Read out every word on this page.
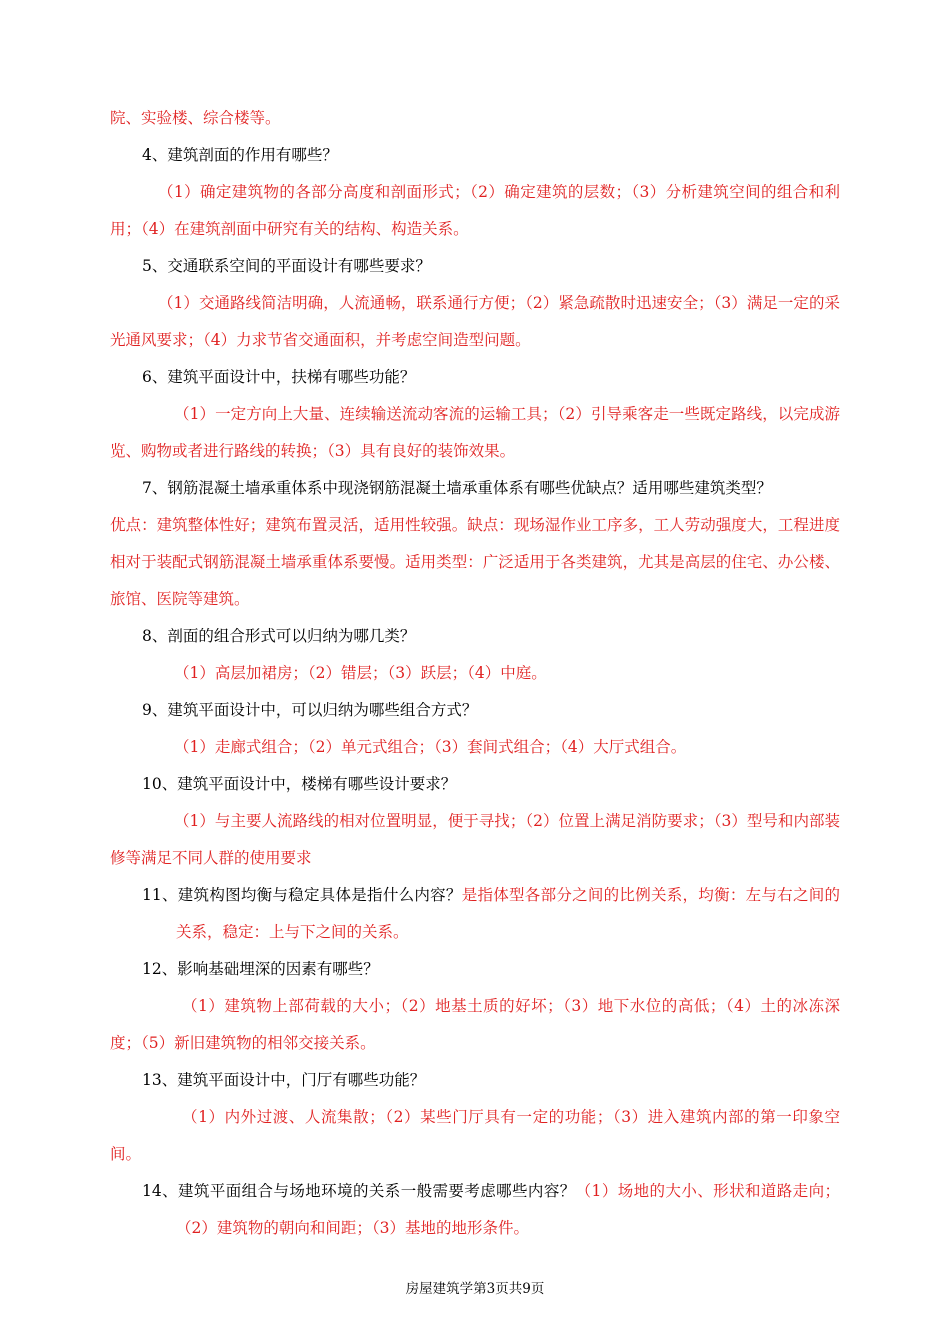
院、实验楼、综合楼等。

4、建筑剖面的作用有哪些？

（1）确定建筑物的各部分高度和剖面形式；（2）确定建筑的层数；（3）分析建筑空间的组合和利用；（4）在建筑剖面中研究有关的结构、构造关系。

5、交通联系空间的平面设计有哪些要求？

（1）交通路线简洁明确，人流通畅，联系通行方便；（2）紧急疏散时迅速安全；（3）满足一定的采光通风要求；（4）力求节省交通面积，并考虑空间造型问题。

6、建筑平面设计中，扶梯有哪些功能？

（1）一定方向上大量、连续输送流动客流的运输工具；（2）引导乘客走一些既定路线，以完成游览、购物或者进行路线的转换；（3）具有良好的装饰效果。

7、钢筋混凝土墙承重体系中现浇钢筋混凝土墙承重体系有哪些优缺点？适用哪些建筑类型？

优点：建筑整体性好；建筑布置灵活，适用性较强。缺点：现场湿作业工序多，工人劳动强度大，工程进度相对于装配式钢筋混凝土墙承重体系要慢。适用类型：广泛适用于各类建筑，尤其是高层的住宅、办公楼、旅馆、医院等建筑。

8、剖面的组合形式可以归纳为哪几类？

（1）高层加裙房；（2）错层；（3）跃层；（4）中庭。

9、建筑平面设计中，可以归纳为哪些组合方式？

（1）走廊式组合；（2）单元式组合；（3）套间式组合；（4）大厅式组合。

10、建筑平面设计中，楼梯有哪些设计要求？

（1）与主要人流路线的相对位置明显，便于寻找；（2）位置上满足消防要求；（3）型号和内部装修等满足不同人群的使用要求

11、建筑构图均衡与稳定具体是指什么内容？是指体型各部分之间的比例关系，均衡：左与右之间的关系，稳定：上与下之间的关系。

12、影响基础埋深的因素有哪些？

（1）建筑物上部荷载的大小；（2）地基土质的好坏；（3）地下水位的高低；（4）土的冰冻深度；（5）新旧建筑物的相邻交接关系。

13、建筑平面设计中，门厅有哪些功能？

（1）内外过渡、人流集散；（2）某些门厅具有一定的功能；（3）进入建筑内部的第一印象空间。

14、建筑平面组合与场地环境的关系一般需要考虑哪些内容？（1）场地的大小、形状和道路走向；（2）建筑物的朝向和间距；（3）基地的地形条件。

房屋建筑学第3页共9页
